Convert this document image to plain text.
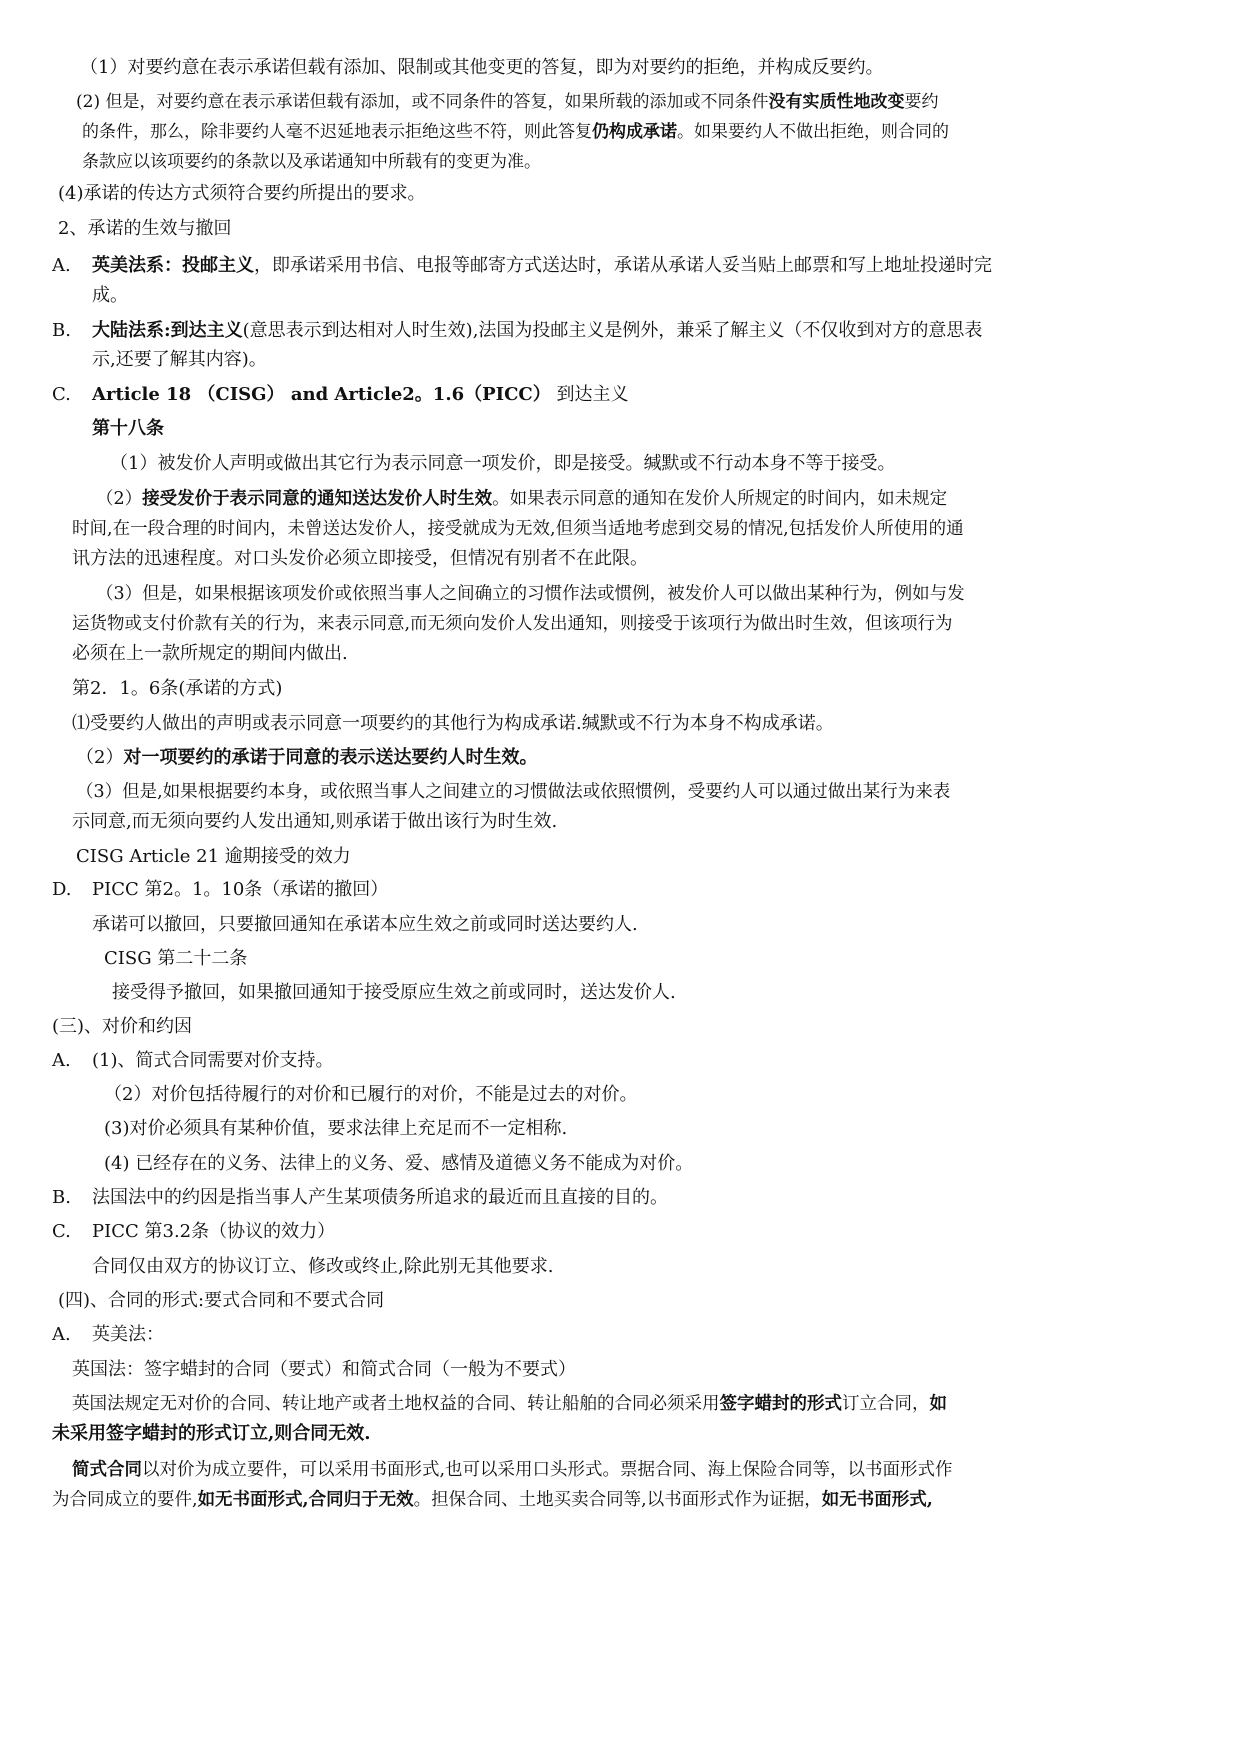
（1）对要约意在表示承诺但载有添加、限制或其他变更的答复，即为对要约的拒绝，并构成反要约。
(2) 但是，对要约意在表示承诺但载有添加，或不同条件的答复，如果所载的添加或不同条件没有实质性地改变要约
的条件，那么，除非要约人毫不迟延地表示拒绝这些不符，则此答复仍构成承诺。如果要约人不做出拒绝，则合同的
条款应以该项要约的条款以及承诺通知中所载有的变更为准。
(4)承诺的传达方式须符合要约所提出的要求。
2、承诺的生效与撤回
A. 英美法系：投邮主义，即承诺采用书信、电报等邮寄方式送达时，承诺从承诺人妥当贴上邮票和写上地址投递时完
成。
B. 大陆法系:到达主义(意思表示到达相对人时生效),法国为投邮主义是例外，兼采了解主义（不仅收到对方的意思表
示,还要了解其内容)。
C. Article 18 （CISG） and Article2。1.6（PICC） 到达主义
第十八条
（1）被发价人声明或做出其它行为表示同意一项发价，即是接受。缄默或不行动本身不等于接受。
（2）接受发价于表示同意的通知送达发价人时生效。如果表示同意的通知在发价人所规定的时间内，如未规定
时间,在一段合理的时间内，未曾送达发价人，接受就成为无效,但须当适地考虑到交易的情况,包括发价人所使用的通
讯方法的迅速程度。对口头发价必须立即接受，但情况有别者不在此限。
（3）但是，如果根据该项发价或依照当事人之间确立的习惯作法或惯例，被发价人可以做出某种行为，例如与发
运货物或支付价款有关的行为，来表示同意,而无须向发价人发出通知，则接受于该项行为做出时生效，但该项行为
必须在上一款所规定的期间内做出.
第2．1。6条(承诺的方式)
⑴受要约人做出的声明或表示同意一项要约的其他行为构成承诺.缄默或不行为本身不构成承诺。
（2）对一项要约的承诺于同意的表示送达要约人时生效。
（3）但是,如果根据要约本身，或依照当事人之间建立的习惯做法或依照惯例，受要约人可以通过做出某行为来表
示同意,而无须向要约人发出通知,则承诺于做出该行为时生效.
CISG Article 21 逾期接受的效力
D. PICC 第2。1。10条（承诺的撤回）
承诺可以撤回，只要撤回通知在承诺本应生效之前或同时送达要约人.
CISG 第二十二条
接受得予撤回，如果撤回通知于接受原应生效之前或同时，送达发价人.
(三)、对价和约因
A. (1)、简式合同需要对价支持。
（2）对价包括待履行的对价和已履行的对价，不能是过去的对价。
(3)对价必须具有某种价值，要求法律上充足而不一定相称.
(4) 已经存在的义务、法律上的义务、爱、感情及道德义务不能成为对价。
B. 法国法中的约因是指当事人产生某项债务所追求的最近而且直接的目的。
C. PICC 第3.2条（协议的效力）
合同仅由双方的协议订立、修改或终止,除此别无其他要求.
(四)、合同的形式:要式合同和不要式合同
A. 英美法：
英国法：签字蜡封的合同（要式）和简式合同（一般为不要式）
英国法规定无对价的合同、转让地产或者土地权益的合同、转让船舶的合同必须采用签字蜡封的形式订立合同，如
未采用签字蜡封的形式订立,则合同无效.
简式合同以对价为成立要件，可以采用书面形式,也可以采用口头形式。票据合同、海上保险合同等，以书面形式作
为合同成立的要件,如无书面形式,合同归于无效。担保合同、土地买卖合同等,以书面形式作为证据，如无书面形式,
